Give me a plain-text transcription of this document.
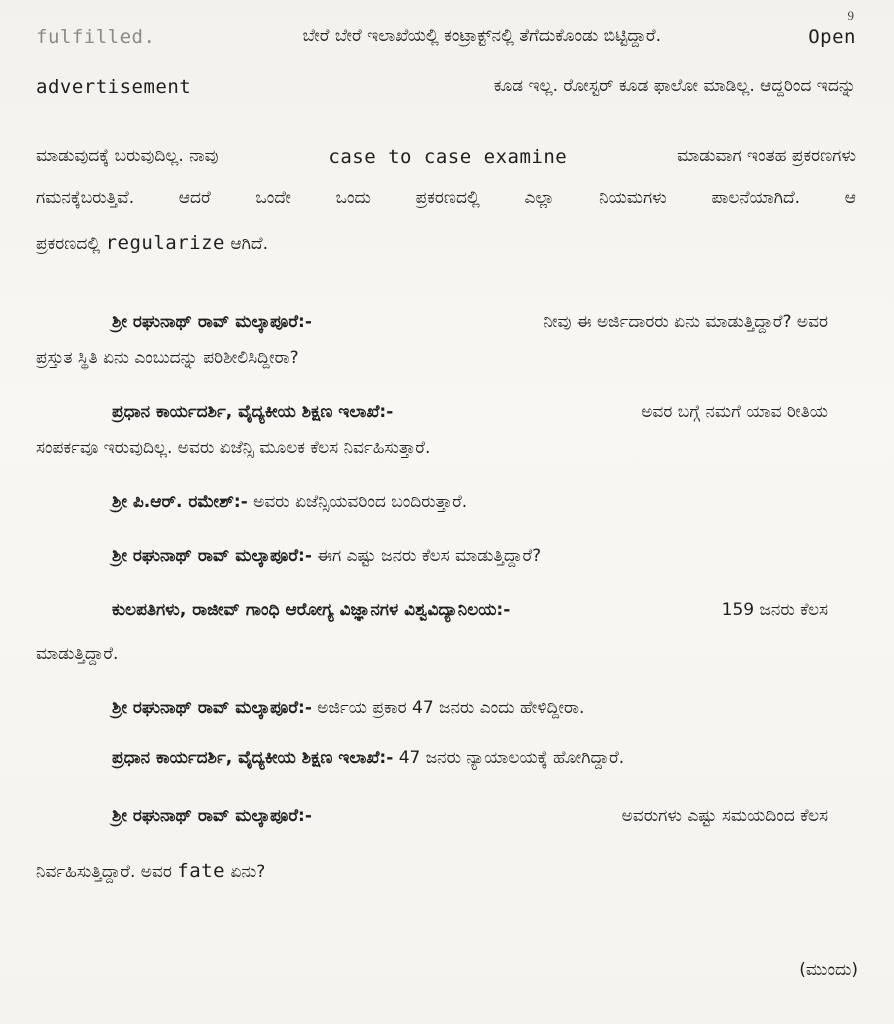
9
fulfilled.	ಬೇರೆ ಬೇರೆ ಇಲಾಖೆಯಲ್ಲಿ ಕಂಟ್ರಾಕ್ಟ್‌ನಲ್ಲಿ ತೆಗೆದುಕೊಂಡು ಬಿಟ್ಟಿದ್ದಾರೆ.	Open
advertisement	ಕೂಡ ಇಲ್ಲ. ರೋಸ್ಟರ್ ಕೂಡ ಫಾಲೋ ಮಾಡಿಲ್ಲ. ಆದ್ದರಿಂದ ಇದನ್ನು
ಮಾಡುವುದಕ್ಕೆ ಬರುವುದಿಲ್ಲ. ನಾವು	case to case examine	ಮಾಡುವಾಗ ಇಂತಹ ಪ್ರಕರಣಗಳು
ಗಮನಕ್ಕೆಬರುತ್ತಿವೆ. ಆದರೆ ಒಂದೇ ಒಂದು ಪ್ರಕರಣದಲ್ಲಿ ಎಲ್ಲಾ ನಿಯಮಗಳು ಪಾಲನೆಯಾಗಿದೆ. ಆ
ಪ್ರಕರಣದಲ್ಲಿ regularize ಆಗಿದೆ.
ಶ್ರೀ ರಘುನಾಥ್ ರಾವ್ ಮಲ್ಕಾಪೂರೆ:-	ನೀವು ಈ ಅರ್ಜಿದಾರರು ಏನು ಮಾಡುತ್ತಿದ್ದಾರೆ? ಅವರ
ಪ್ರಸ್ತುತ ಸ್ಥಿತಿ ಏನು ಎಂಬುದನ್ನು ಪರಿಶೀಲಿಸಿದ್ದೀರಾ?
ಪ್ರಧಾನ ಕಾರ್ಯದರ್ಶಿ, ವೈದ್ಯಕೀಯ ಶಿಕ್ಷಣ ಇಲಾಖೆ:-	ಅವರ ಬಗ್ಗೆ ನಮಗೆ ಯಾವ ರೀತಿಯ
ಸಂಪರ್ಕವೂ ಇರುವುದಿಲ್ಲ. ಅವರು ಏಜೆನ್ಸಿ ಮೂಲಕ ಕೆಲಸ ನಿರ್ವಹಿಸುತ್ತಾರೆ.
ಶ್ರೀ ಪಿ.ಆರ್. ರಮೇಶ್:- ಅವರು ಏಜೆನ್ಸಿಯವರಿಂದ ಬಂದಿರುತ್ತಾರೆ.
ಶ್ರೀ ರಘುನಾಥ್ ರಾವ್ ಮಲ್ಕಾಪೂರೆ:- ಈಗ ಎಷ್ಟು ಜನರು ಕೆಲಸ ಮಾಡುತ್ತಿದ್ದಾರೆ?
ಕುಲಪತಿಗಳು, ರಾಜೀವ್ ಗಾಂಧಿ ಆರೋಗ್ಯ ವಿಜ್ಞಾನಗಳ ವಿಶ್ವವಿದ್ಯಾನಿಲಯ:-	159 ಜನರು ಕೆಲಸ
ಮಾಡುತ್ತಿದ್ದಾರೆ.
ಶ್ರೀ ರಘುನಾಥ್ ರಾವ್ ಮಲ್ಕಾಪೂರೆ:- ಅರ್ಜಿಯ ಪ್ರಕಾರ 47 ಜನರು ಎಂದು ಹೇಳಿದ್ದೀರಾ.
ಪ್ರಧಾನ ಕಾರ್ಯದರ್ಶಿ, ವೈದ್ಯಕೀಯ ಶಿಕ್ಷಣ ಇಲಾಖೆ:- 47 ಜನರು ನ್ಯಾಯಾಲಯಕ್ಕೆ ಹೋಗಿದ್ದಾರೆ.
ಶ್ರೀ ರಘುನಾಥ್ ರಾವ್ ಮಲ್ಕಾಪೂರೆ:-	ಅವರುಗಳು ಎಷ್ಟು ಸಮಯದಿಂದ ಕೆಲಸ
ನಿರ್ವಹಿಸುತ್ತಿದ್ದಾರೆ. ಅವರ fate ಏನು?
(ಮುಂದು)
